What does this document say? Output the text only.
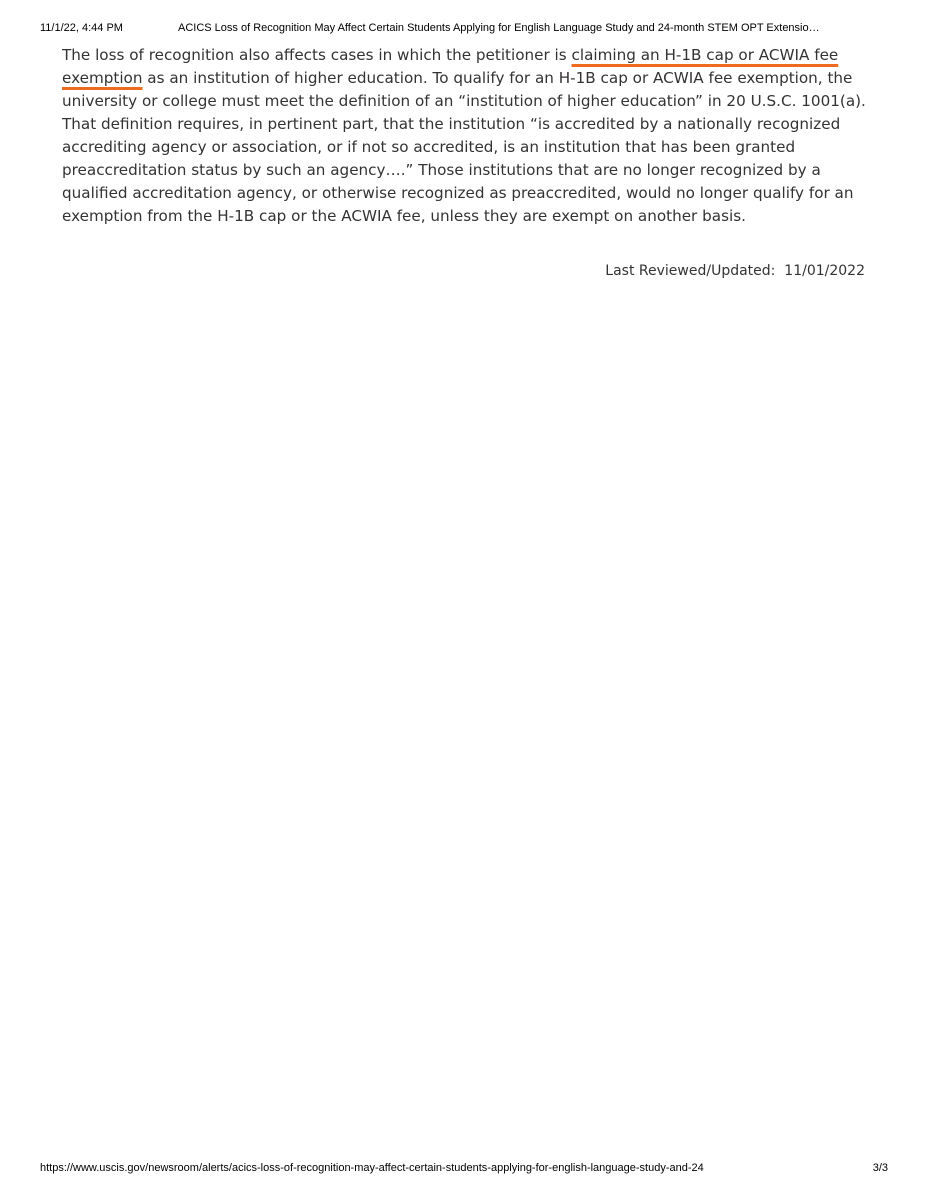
11/1/22, 4:44 PM	ACICS Loss of Recognition May Affect Certain Students Applying for English Language Study and 24-month STEM OPT Extensio…

The loss of recognition also affects cases in which the petitioner is claiming an H-1B cap or ACWIA fee exemption as an institution of higher education. To qualify for an H-1B cap or ACWIA fee exemption, the university or college must meet the definition of an “institution of higher education” in 20 U.S.C. 1001(a). That definition requires, in pertinent part, that the institution “is accredited by a nationally recognized accrediting agency or association, or if not so accredited, is an institution that has been granted preaccreditation status by such an agency….” Those institutions that are no longer recognized by a qualified accreditation agency, or otherwise recognized as preaccredited, would no longer qualify for an exemption from the H-1B cap or the ACWIA fee, unless they are exempt on another basis.

Last Reviewed/Updated: 11/01/2022
https://www.uscis.gov/newsroom/alerts/acics-loss-of-recognition-may-affect-certain-students-applying-for-english-language-study-and-24	3/3
